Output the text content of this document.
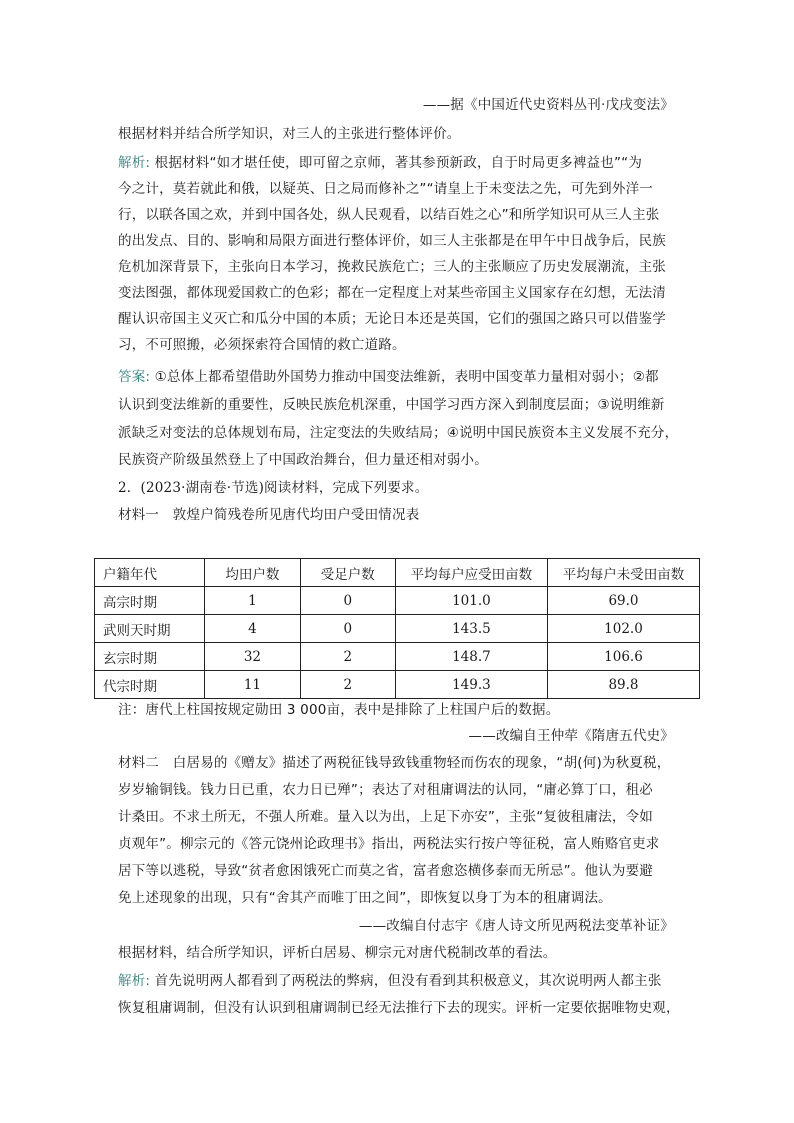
——据《中国近代史资料丛刊·戊戌变法》
根据材料并结合所学知识，对三人的主张进行整体评价。
解析: 根据材料“如才堪任使，即可留之京师，著其参预新政，自于时局更多裨益也”“为
今之计，莫若就此和俄，以疑英、日之局而修补之”“请皇上于未变法之先，可先到外洋一
行，以联各国之欢，并到中国各处，纵人民观看，以结百姓之心”和所学知识可从三人主张
的出发点、目的、影响和局限方面进行整体评价，如三人主张都是在甲午中日战争后，民族
危机加深背景下，主张向日本学习，挽救民族危亡；三人的主张顺应了历史发展潮流，主张
变法图强，都体现爱国救亡的色彩；都在一定程度上对某些帝国主义国家存在幻想，无法清
醒认识帝国主义灭亡和瓜分中国的本质；无论日本还是英国，它们的强国之路只可以借鉴学
习，不可照搬，必须探索符合国情的救亡道路。
答案: ①总体上都希望借助外国势力推动中国变法维新，表明中国变革力量相对弱小；②都
认识到变法维新的重要性，反映民族危机深重，中国学习西方深入到制度层面；③说明维新
派缺乏对变法的总体规划布局，注定变法的失败结局；④说明中国民族资本主义发展不充分，
民族资产阶级虽然登上了中国政治舞台，但力量还相对弱小。
2．(2023·湖南卷·节选)阅读材料，完成下列要求。
材料一　敦煌户简残卷所见唐代均田户受田情况表
户籍年代	均田户数	受足户数	平均每户应受田亩数	平均每户未受田亩数
高宗时期	1	0	101.0	69.0
武则天时期	4	0	143.5	102.0
玄宗时期	32	2	148.7	106.6
代宗时期	11	2	149.3	89.8
注：唐代上柱国按规定勋田 3 000亩，表中是排除了上柱国户后的数据。
——改编自王仲荦《隋唐五代史》
材料二　白居易的《赠友》描述了两税征钱导致钱重物轻而伤农的现象，“胡(何)为秋夏税，
岁岁输铜钱。钱力日已重，农力日已殚”；表达了对租庸调法的认同，“庸必算丁口，租必
计桑田。不求土所无，不强人所难。量入以为出，上足下亦安”，主张“复彼租庸法，令如
贞观年”。柳宗元的《答元饶州论政理书》指出，两税法实行按户等征税，富人贿赂官吏求
居下等以逃税，导致“贫者愈困饿死亡而莫之省，富者愈恣横侈泰而无所忌”。他认为要避
免上述现象的出现，只有“舍其产而唯丁田之间”，即恢复以身丁为本的租庸调法。
——改编自付志宇《唐人诗文所见两税法变革补证》
根据材料，结合所学知识，评析白居易、柳宗元对唐代税制改革的看法。
解析: 首先说明两人都看到了两税法的弊病，但没有看到其积极意义，其次说明两人都主张
恢复租庸调制，但没有认识到租庸调制已经无法推行下去的现实。评析一定要依据唯物史观，
